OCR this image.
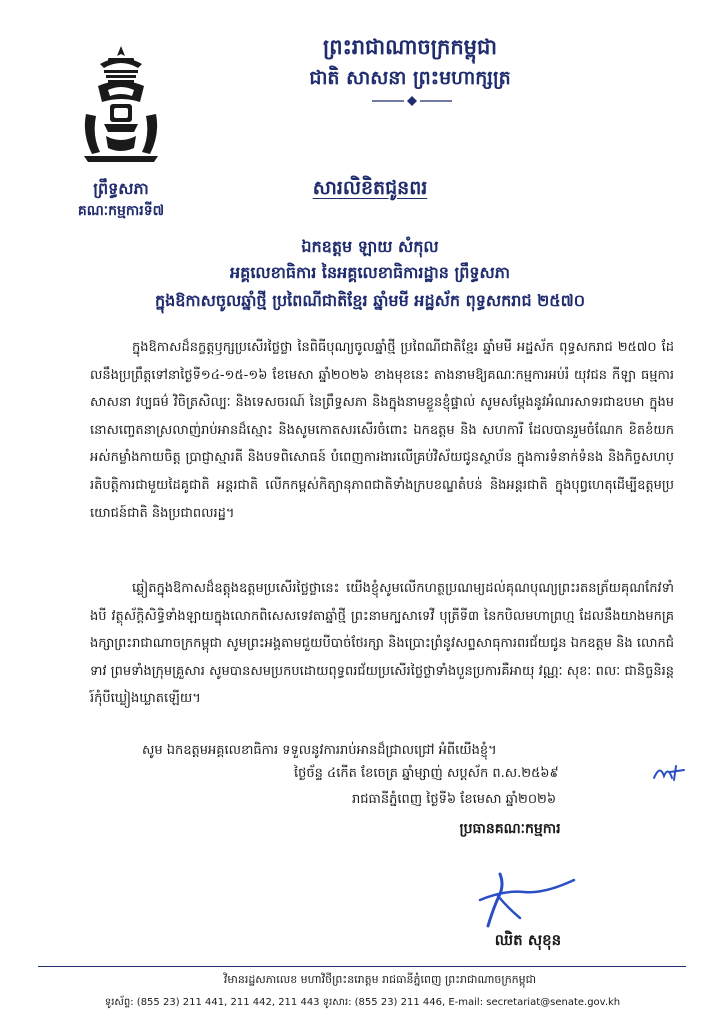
ព្រះរាជាណាចក្រកម្ពុជា
ជាតិ សាសនា ព្រះមហាក្សត្រ
ព្រឹទ្ធសភា
គណៈកម្មការទី៧
សារលិខិតជូនពរ
ឯកឧត្តម ឡាយ សំកុល
អគ្គលេខាធិការ នៃអគ្គលេខាធិការដ្ឋាន ព្រឹទ្ធសភា
ក្នុងឱកាសចូលឆ្នាំថ្មី ប្រពៃណីជាតិខ្មែរ ឆ្នាំមមី អដ្ឋស័ក ពុទ្ធសករាជ ២៥៧០

ក្នុងឱកាសដ៏នក្ខត្តឫក្សប្រសើរថ្លៃថ្លា នៃពិធីបុណ្យចូលឆ្នាំថ្មី ប្រពៃណីជាតិខ្មែរ ឆ្នាំមមី អដ្ឋស័ក ពុទ្ធសករាជ ២៥៧០ ដែលនឹងប្រព្រឹត្តទៅនាថ្ងៃទី១៤-១៥-១៦ ខែមេសា ឆ្នាំ២០២៦ ខាងមុខនេះ តាងនាមឱ្យគណៈកម្មការអប់រំ យុវជន កីឡា ធម្មការ សាសនា វប្បធម៌ វិចិត្រសិល្បៈ និងទេសចរណ៍ នៃព្រឹទ្ធសភា និងក្នុងនាមខ្លួនខ្ញុំផ្ទាល់ សូមសម្តែងនូវអំណរសាទរជាឧបមា ក្នុងមនោសញ្ចេតនាស្រលាញ់រាប់អានដ៏ស្មោះ និងសូមកោតសរសើរចំពោះ ឯកឧត្តម និង សហការី ដែលបានរួមចំណែក ខិតខំយកអស់កម្លាំងកាយចិត្ត ប្រាជ្ញាស្មារតី និងបទពិសោធន៍ បំពេញការងារលើគ្រប់វិស័យជូនស្ថាប័ន ក្នុងការទំនាក់ទំនង និងកិច្ចសហប្រតិបត្តិការជាមួយដៃគូជាតិ អន្តរជាតិ លើកកម្ពស់កិត្យានុភាពជាតិទាំងក្របខណ្ឌតំបន់ និងអន្តរជាតិ ក្នុងបុព្វហេតុដើម្បីឧត្តមប្រយោជន៍ជាតិ និងប្រជាពលរដ្ឋ។

ឆ្លៀតក្នុងឱកាសដ៏ឧត្តុងឧត្តមប្រសើរថ្លៃថ្លានេះ យើងខ្ញុំសូមលើកហត្ថប្រណម្យដល់គុណបុណ្យព្រះរតនត្រ័យគុណកែវទាំងបី វត្ថុស័ក្តិសិទ្ធិទាំងឡាយក្នុងលោកពិសេសទេវតាឆ្នាំថ្មី ព្រះនាមក្បសាទេវី បុត្រីទី៣ នៃកបិលមហាព្រហ្ម ដែលនឹងយាងមកគ្រងក្សាព្រះរាជាណាចក្រកម្ពុជា សូមព្រះអង្គតាមជួយបីបាច់ថែរក្សា និងប្រោះព្រំនូវសព្ទសាធុការពរជ័យជូន ឯកឧត្តម និង លោកជំទាវ ព្រមទាំងក្រុមគ្រួសារ សូមបានសមប្រកបដោយពុទ្ធពរជ័យប្រសើរថ្លៃថ្លាទាំងបួនប្រការគឺអាយុ វណ្ណៈ សុខៈ ពលៈ ជានិច្ចនិរន្តរ៍កុំបីឃ្លៀងឃ្លាតឡើយ។

សូម ឯកឧត្តមអគ្គលេខាធិការ ទទួលនូវការរាប់អានដ៏ជ្រាលជ្រៅ អំពីយើងខ្ញុំ។
ថ្ងៃច័ន្ទ ៤កើត ខែចេត្រ ឆ្នាំម្សាញ់ សប្តស័ក ព.ស.២៥៦៩
រាជធានីភ្នំពេញ ថ្ងៃទី៦ ខែមេសា ឆ្នាំ២០២៦
ប្រធានគណៈកម្មការ
ឈិត សុខុន
វិមានរដ្ឋសភាលេខ មហាវិថីព្រះនរោត្តម រាជធានីភ្នំពេញ ព្រះរាជាណាចក្រកម្ពុជា
ទូរស័ព្ទ: (855 23) 211 441, 211 442, 211 443 ទូរសារ: (855 23) 211 446, E-mail: secretariat@senate.gov.kh
